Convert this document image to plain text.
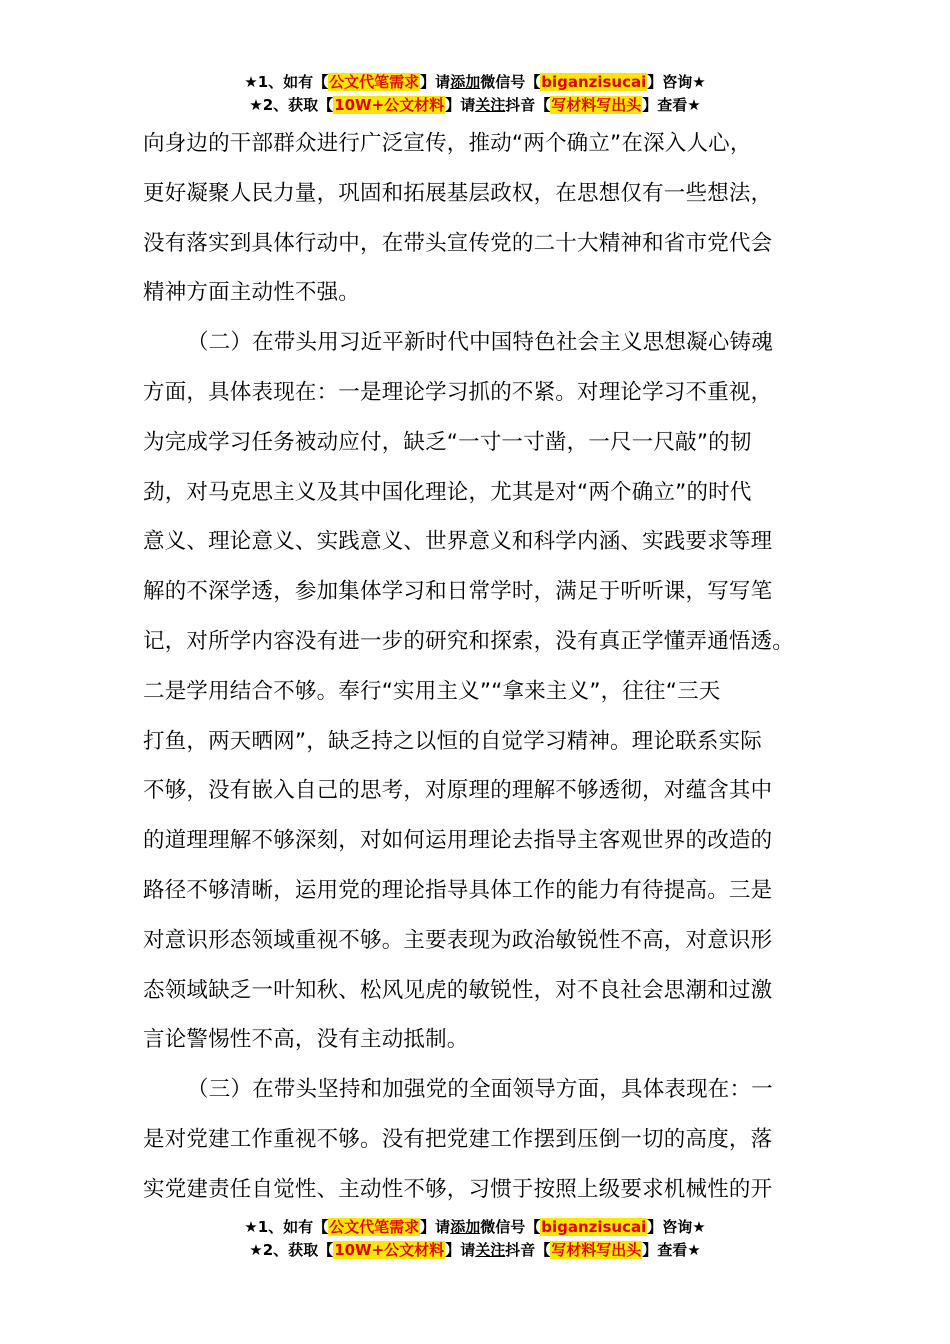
★1、如有【公文代笔需求】请添加微信号【biganzisucai】咨询★
★2、获取【10W+公文材料】请关注抖音【写材料写出头】查看★

向身边的干部群众进行广泛宣传，推动“两个确立”在深入人心，
更好凝聚人民力量，巩固和拓展基层政权，在思想仅有一些想法，
没有落实到具体行动中，在带头宣传党的二十大精神和省市党代会
精神方面主动性不强。

（二）在带头用习近平新时代中国特色社会主义思想凝心铸魂
方面，具体表现在：一是理论学习抓的不紧。对理论学习不重视，
为完成学习任务被动应付，缺乏“一寸一寸凿，一尺一尺敲”的韧
劲，对马克思主义及其中国化理论，尤其是对“两个确立”的时代
意义、理论意义、实践意义、世界意义和科学内涵、实践要求等理
解的不深学透，参加集体学习和日常学时，满足于听听课，写写笔
记，对所学内容没有进一步的研究和探索，没有真正学懂弄通悟透。
二是学用结合不够。奉行“实用主义”“拿来主义”，往往“三天
打鱼，两天晒网”，缺乏持之以恒的自觉学习精神。理论联系实际
不够，没有嵌入自己的思考，对原理的理解不够透彻，对蕴含其中
的道理理解不够深刻，对如何运用理论去指导主客观世界的改造的
路径不够清晰，运用党的理论指导具体工作的能力有待提高。三是
对意识形态领域重视不够。主要表现为政治敏锐性不高，对意识形
态领域缺乏一叶知秋、松风见虎的敏锐性，对不良社会思潮和过激
言论警惕性不高，没有主动抵制。

（三）在带头坚持和加强党的全面领导方面，具体表现在：一
是对党建工作重视不够。没有把党建工作摆到压倒一切的高度，落
实党建责任自觉性、主动性不够，习惯于按照上级要求机械性的开

★1、如有【公文代笔需求】请添加微信号【biganzisucai】咨询★
★2、获取【10W+公文材料】请关注抖音【写材料写出头】查看★
